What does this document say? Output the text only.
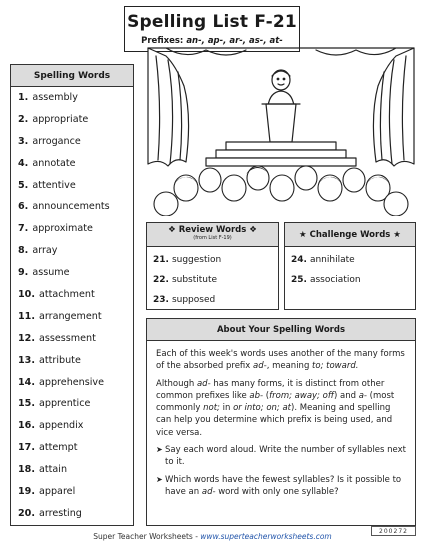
Spelling List F-21
Prefixes: an-, ap-, ar-, as-, at-
Spelling Words
1. assembly
2. appropriate
3. arrogance
4. annotate
5. attentive
6. announcements
7. approximate
8. array
9. assume
10. attachment
11. arrangement
12. assessment
13. attribute
14. apprehensive
15. apprentice
16. appendix
17. attempt
18. attain
19. apparel
20. arresting
❖ Review Words ❖
(from List F-19)
21. suggestion
22. substitute
23. supposed
★ Challenge Words ★
24. annihilate
25. association
About Your Spelling Words

Each of this week's words uses another of the many forms of the absorbed prefix ad-, meaning to; toward.

Although ad- has many forms, it is distinct from other common prefixes like ab- (from; away; off) and a- (most commonly not; in or into; on; at). Meaning and spelling can help you determine which prefix is being used, and vice versa.

➤ Say each word aloud. Write the number of syllables next to it.
➤ Which words have the fewest syllables? Is it possible to have an ad- word with only one syllable?
200272
Super Teacher Worksheets - www.superteacherworksheets.com
